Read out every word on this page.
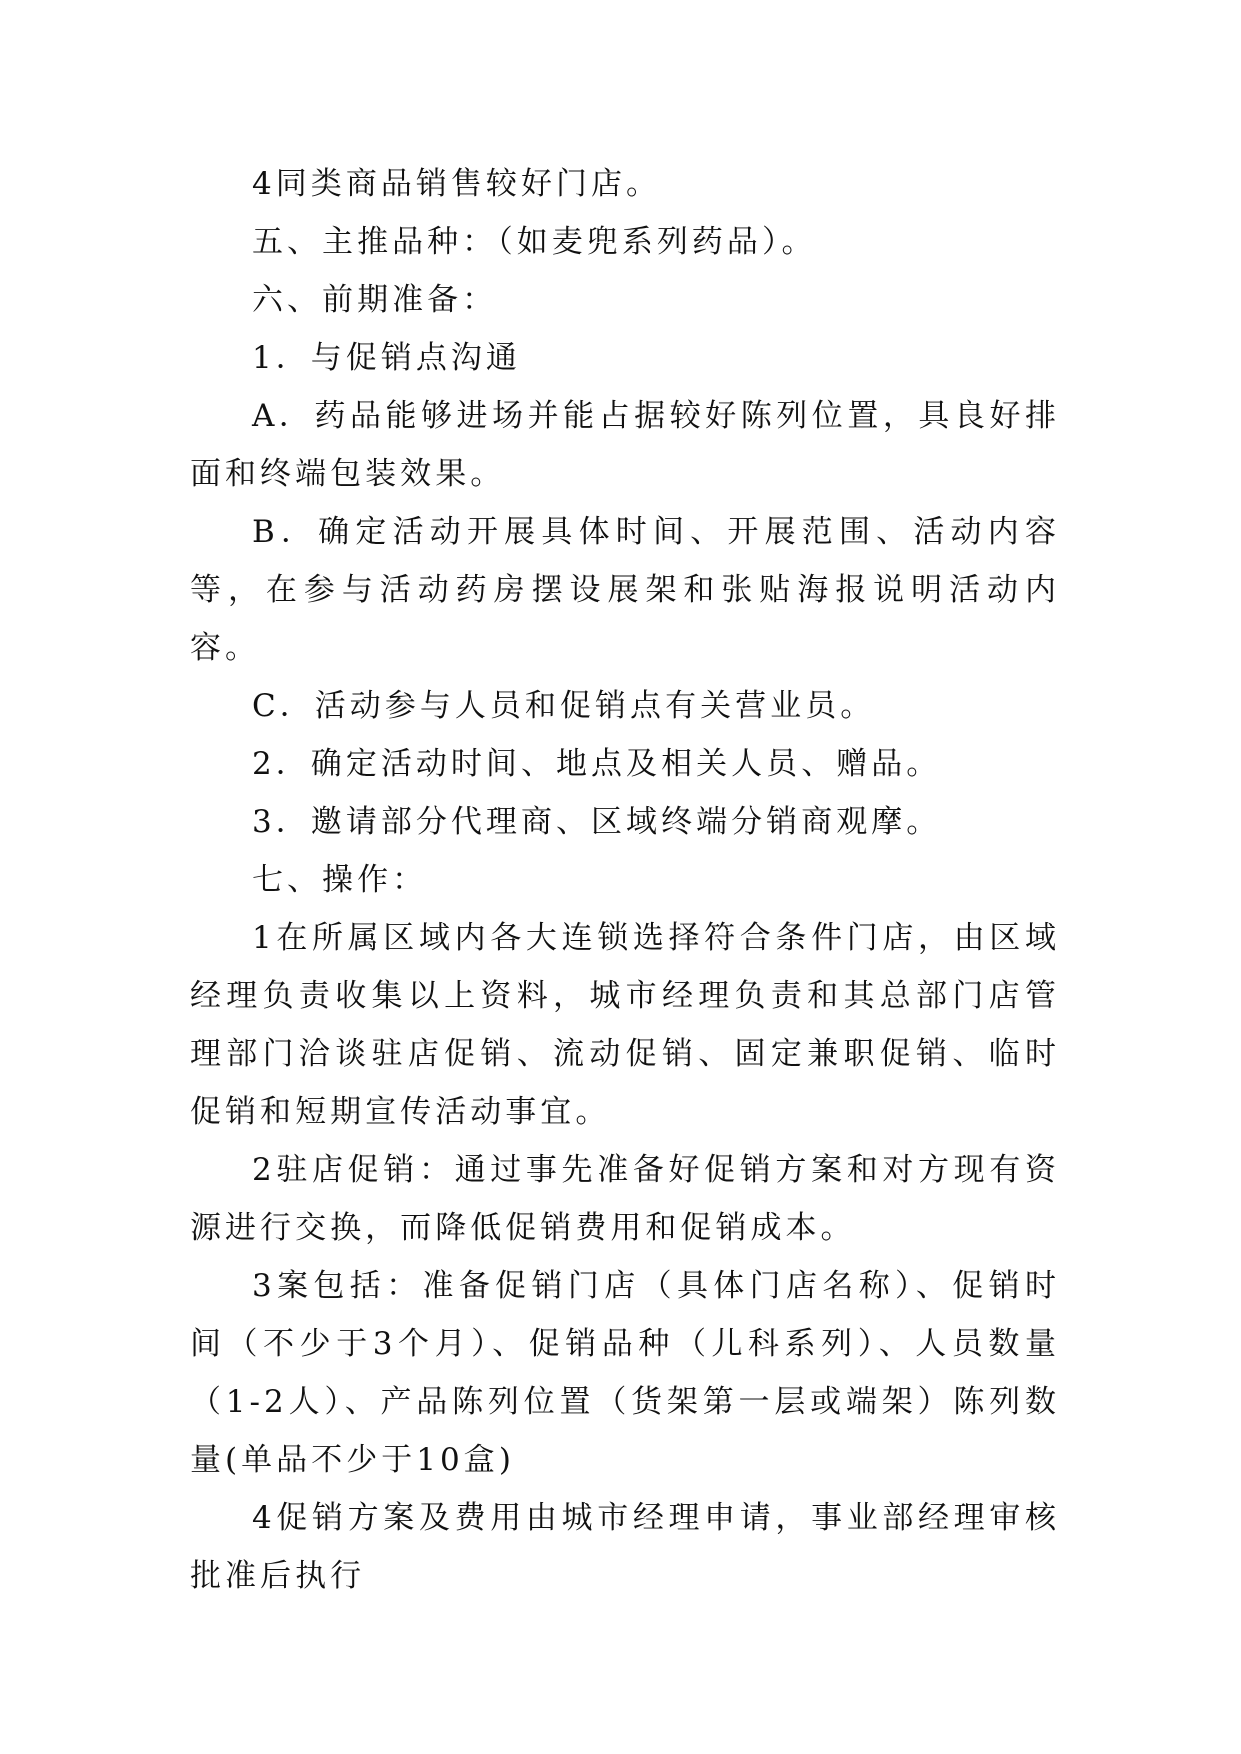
4同类商品销售较好门店。

五、主推品种：（如麦兜系列药品）。

六、前期准备：

1．与促销点沟通

A．药品能够进场并能占据较好陈列位置，具良好排面和终端包装效果。

B．确定活动开展具体时间、开展范围、活动内容等，在参与活动药房摆设展架和张贴海报说明活动内容。

C．活动参与人员和促销点有关营业员。

2．确定活动时间、地点及相关人员、赠品。

3．邀请部分代理商、区域终端分销商观摩。

七、操作：

1在所属区域内各大连锁选择符合条件门店，由区域经理负责收集以上资料，城市经理负责和其总部门店管理部门洽谈驻店促销、流动促销、固定兼职促销、临时促销和短期宣传活动事宜。

2驻店促销：通过事先准备好促销方案和对方现有资源进行交换，而降低促销费用和促销成本。

3案包括：准备促销门店（具体门店名称）、促销时间（不少于3个月）、促销品种（儿科系列）、人员数量（1-2人）、产品陈列位置（货架第一层或端架）陈列数量(单品不少于10盒)

4促销方案及费用由城市经理申请，事业部经理审核批准后执行
